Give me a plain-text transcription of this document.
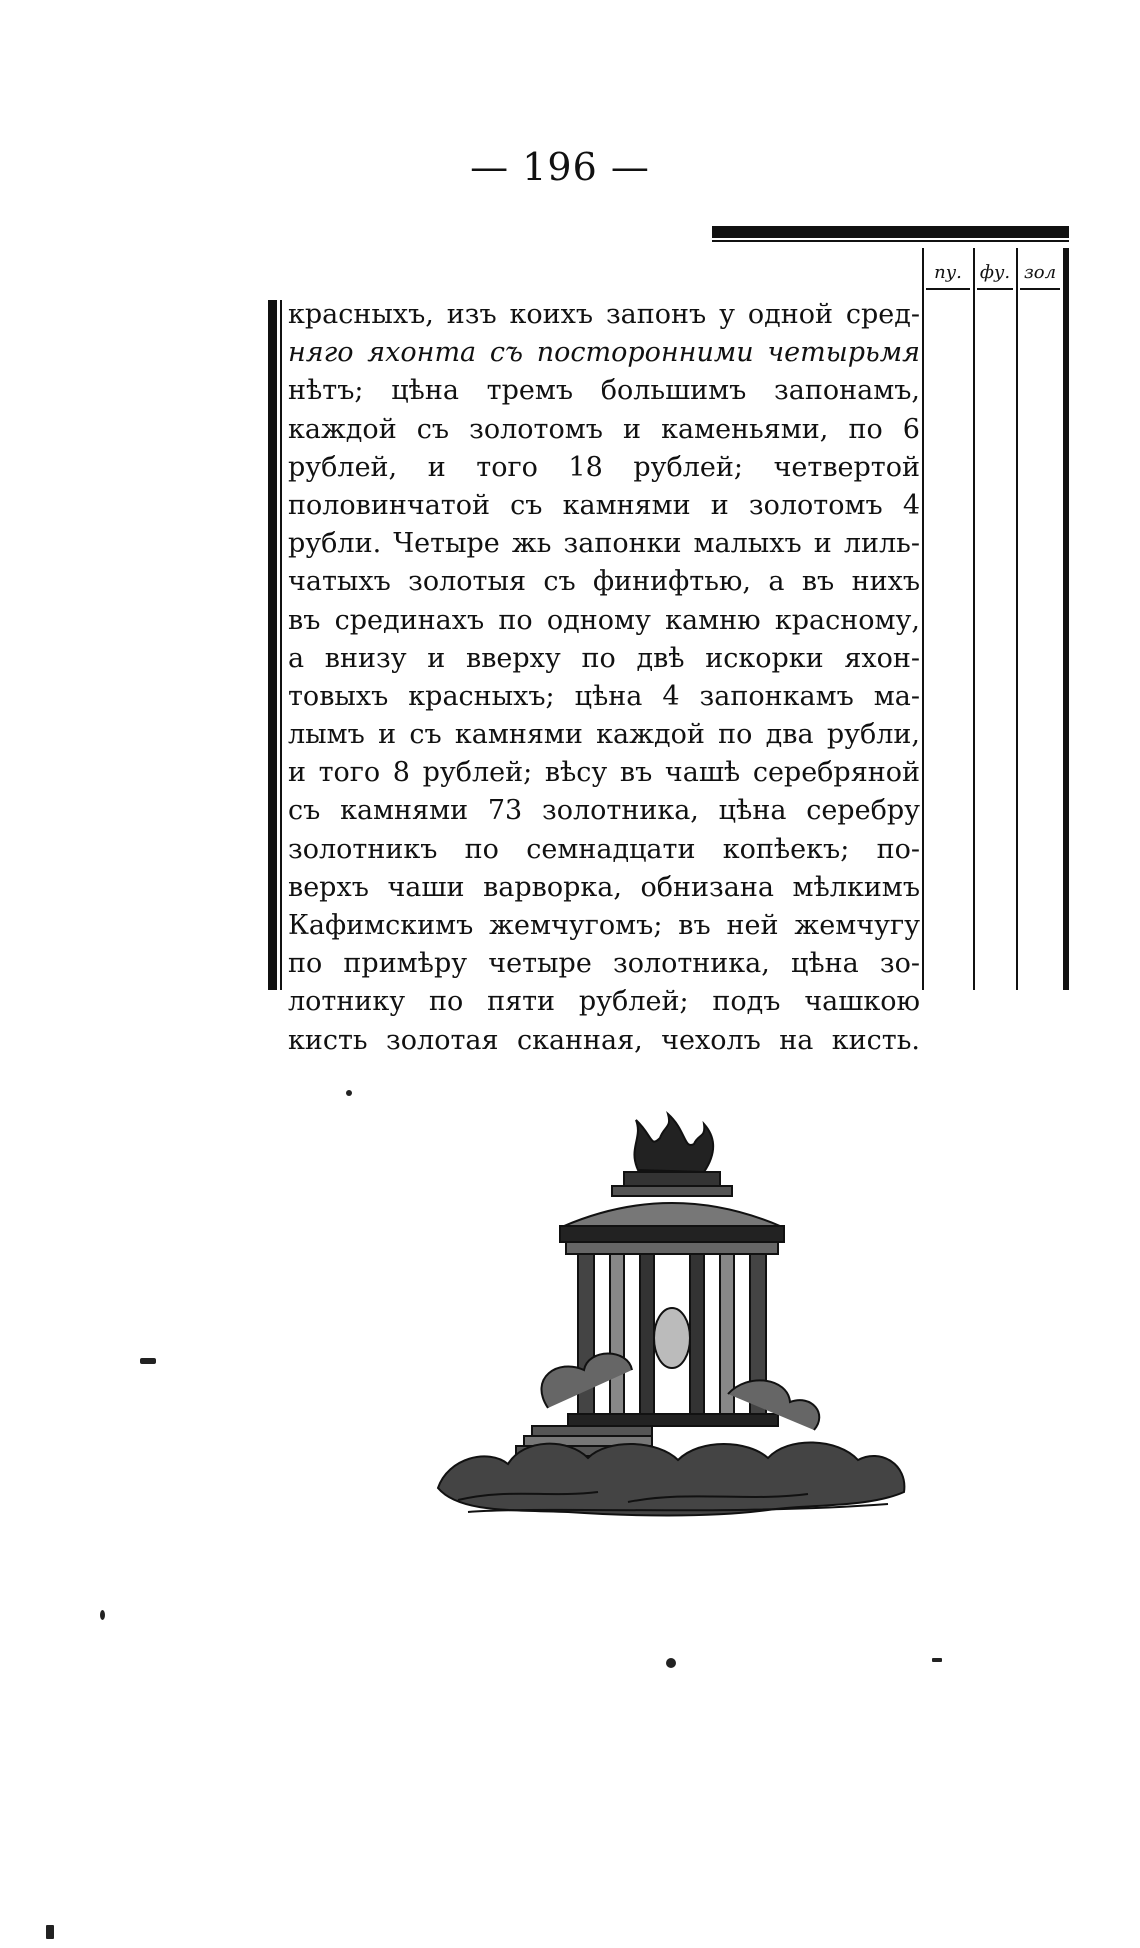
— 196 —
пу. фу. зол
красныхъ, изъ коихъ запонъ у одной сред-
няго яхонта съ посторонними четырьмя
нѣтъ; цѣна тремъ большимъ запонамъ,
каждой съ золотомъ и каменьями, по 6
рублей, и того 18 рублей; четвертой
половинчатой съ камнями и золотомъ 4
рубли. Четыре жь запонки малыхъ и лиль-
чатыхъ золотыя съ финифтью, а въ нихъ
въ срединахъ по одному камню красному,
а внизу и вверху по двѣ искорки яхон-
товыхъ красныхъ; цѣна 4 запонкамъ ма-
лымъ и съ камнями каждой по два рубли,
и того 8 рублей; вѣсу въ чашѣ серебряной
съ камнями 73 золотника, цѣна серебру
золотникъ по семнадцати копѣекъ; по-
верхъ чаши варворка, обнизана мѣлкимъ
Кафимскимъ жемчугомъ; въ ней жемчугу
по примѣру четыре золотника, цѣна зо-
лотнику по пяти рублей; подъ чашкою
кисть золотая сканная, чехолъ на кисть.
